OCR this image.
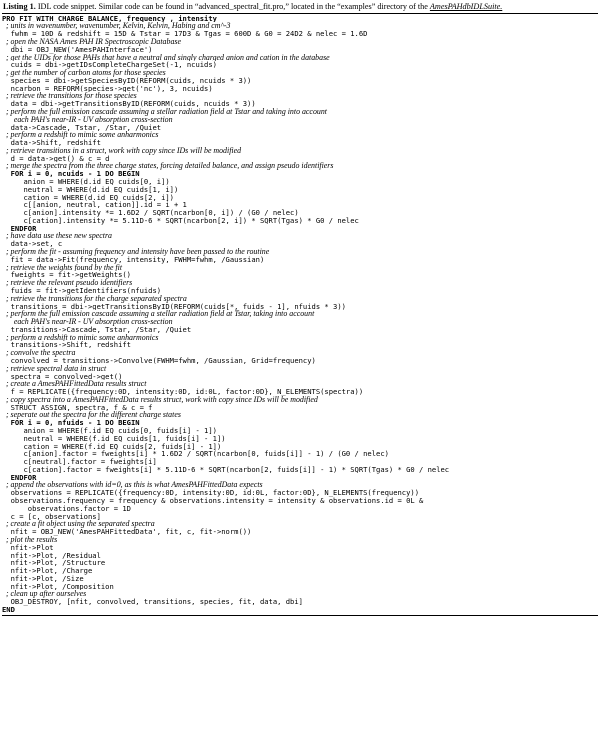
Listing 1. IDL code snippet. Similar code can be found in “advanced_spectral_fit.pro,” located in the “examples” directory of the AmesPAHdbIDLSuite.
PRO FIT_WITH_CHARGE_BALANCE, frequency , intensity
; units in wavenumber, wavenumber, Kelvin, Kelvin, Habing and cm^-3
fwhm = 10D & redshift = 15D & Tstar = 17D3 & Tgas = 600D & G0 = 24D2 & nelec = 1.6D
; open the NASA Ames PAH IR Spectroscopic Database
dbi = OBJ_NEW('AmesPAHInterface')
; get the UIDs for those PAHs that have a neutral and singly charged anion and cation in the database
cuids = dbi->getIDsCompleteChargeSet(-1, ncuids)
; get the number of carbon atoms for those species
species = dbi->getSpeciesByID(REFORM(cuids, ncuids * 3))
ncarbon = REFORM(species->get('nc'), 3, ncuids)
; retrieve the transitions for those species
data = dbi->getTransitionsByID(REFORM(cuids, ncuids * 3))
; perform the full emission cascade assuming a stellar radiation field at Tstar and taking into account
each PAH's near-IR - UV absorption cross-section
data->Cascade, Tstar, /Star, /Quiet
; perform a redshift to mimic some anharmonics
data->Shift, redshift
; retrieve transitions in a struct, work with copy since IDs will be modified
d = data->get() & c = d
; merge the spectra from the three charge states, forcing detailed balance, and assign pseudo identifiers
FOR i = 0, ncuids - 1 DO BEGIN
anion = WHERE(d.id EQ cuids[0, i])
neutral = WHERE(d.id EQ cuids[1, i])
cation = WHERE(d.id EQ cuids[2, i])
c[[anion, neutral, cation]].id = i + 1
c[anion].intensity *= 1.6D2 / SQRT(ncarbon[0, i]) / (G0 / nelec)
c[cation].intensity *= 5.11D-6 * SQRT(ncarbon[2, i]) * SQRT(Tgas) * G0 / nelec
ENDFOR
; have data use these new spectra
data->set, c
; perform the fit - assuming frequency and intensity have been passed to the routine
fit = data->Fit(frequency, intensity, FWHM=fwhm, /Gaussian)
; retrieve the weights found by the fit
fweights = fit->getWeights()
; retrieve the relevant pseudo identifiers
fuids = fit->getIdentifiers(nfuids)
; retrieve the transitions for the charge separated spectra
transitions = dbi->getTransitionsByID(REFORM(cuids[*, fuids - 1], nfuids * 3))
; perform the full emission cascade assuming a stellar radiation field at Tstar, taking into account
each PAH's near-IR - UV absorption cross-section
transitions->Cascade, Tstar, /Star, /Quiet
; perform a redshift to mimic some anharmonics
transitions->Shift, redshift
; convolve the spectra
convolved = transitions->Convolve(FWHM=fwhm, /Gaussian, Grid=frequency)
; retrieve spectral data in struct
spectra = convolved->get()
; create a AmesPAHFittedData results struct
f = REPLICATE({frequency:0D, intensity:0D, id:0L, factor:0D}, N_ELEMENTS(spectra))
; copy spectra into a AmesPAHFittedData results struct, work with copy since IDs will be modified
STRUCT_ASSIGN, spectra, f & c = f
; seperate out the spectra for the different charge states
FOR i = 0, nfuids - 1 DO BEGIN
anion = WHERE(f.id EQ cuids[0, fuids[i] - 1])
neutral = WHERE(f.id EQ cuids[1, fuids[i] - 1])
cation = WHERE(f.id EQ cuids[2, fuids[i] - 1])
c[anion].factor = fweights[i] * 1.6D2 / SQRT(ncarbon[0, fuids[i]] - 1) / (G0 / nelec)
c[neutral].factor = fweights[i]
c[cation].factor = fweights[i] * 5.11D-6 * SQRT(ncarbon[2, fuids[i]] - 1) * SQRT(Tgas) * G0 / nelec
ENDFOR
; append the observations with id=0, as this is what AmesPAHFittedData expects
observations = REPLICATE({frequency:0D, intensity:0D, id:0L, factor:0D}, N_ELEMENTS(frequency))
observations.frequency = frequency & observations.intensity = intensity & observations.id = 0L &
observations.factor = 1D
c = [c, observations]
; create a fit object using the separated spectra
nfit = OBJ_NEW('AmesPAHFittedData', fit, c, fit->norm())
; plot the results
nfit->Plot
nfit->Plot, /Residual
nfit->Plot, /Structure
nfit->Plot, /Charge
nfit->Plot, /Size
nfit->Plot, /Composition
; clean up after ourselves
OBJ_DESTROY, [nfit, convolved, transitions, species, fit, data, dbi]
END
